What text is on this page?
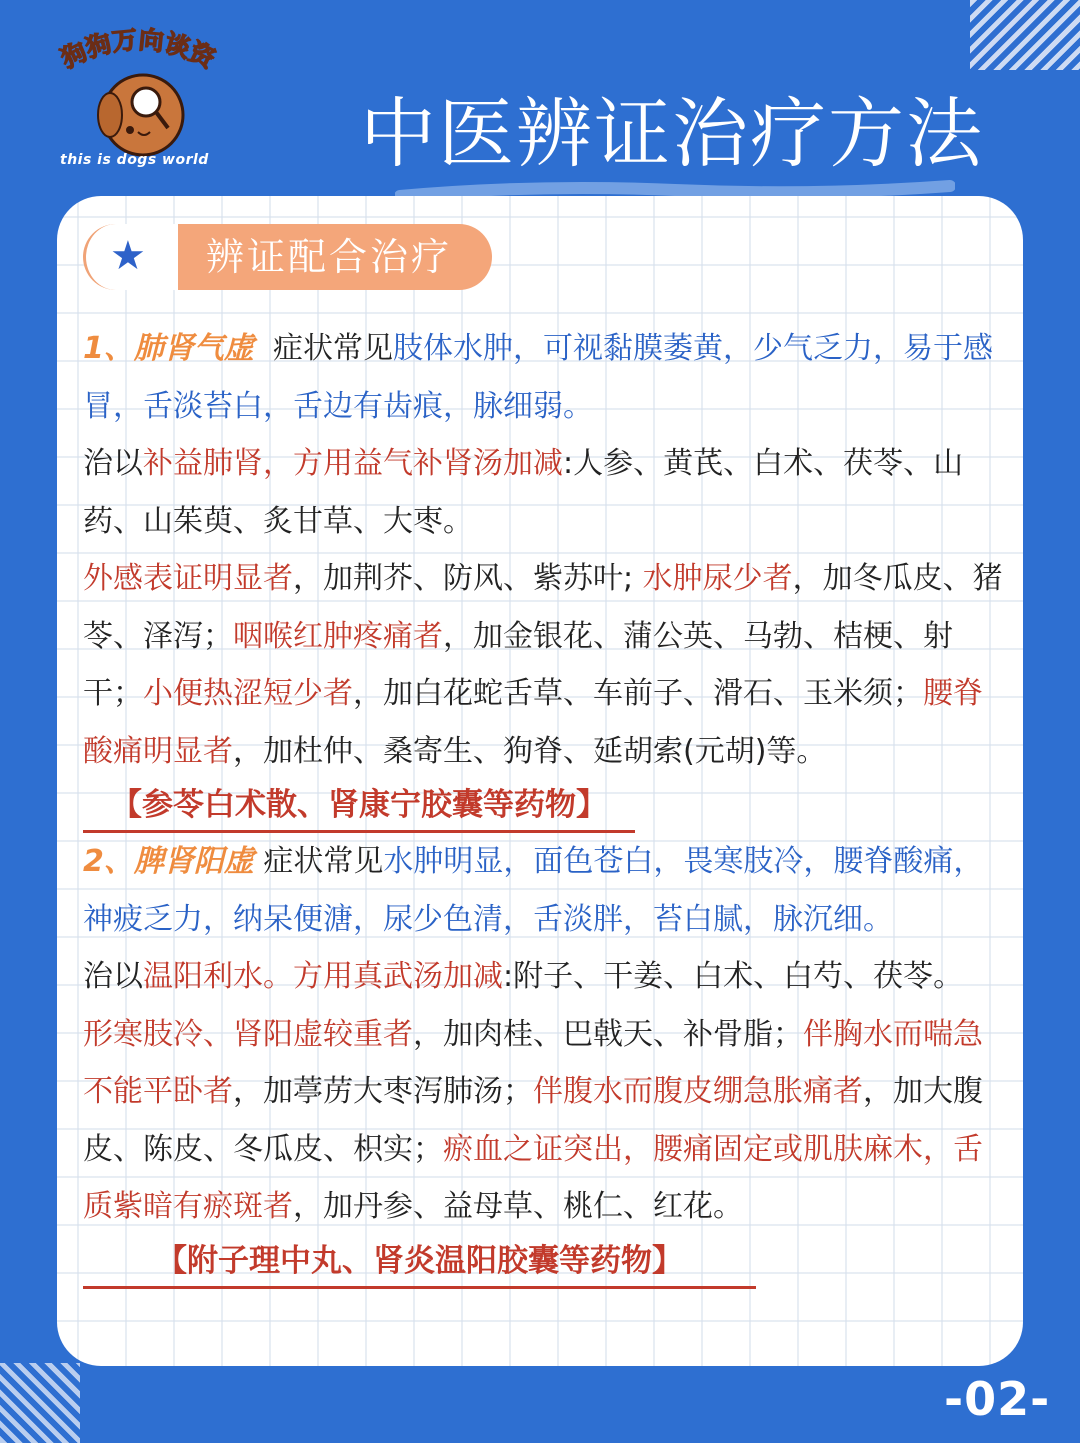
狗狗万向谈资
this is dogs world 中医辨证治疗方法
★	辨证配合治疗

1、肺肾气虚 症状常见肢体水肿，可视黏膜萎黄，少气乏力，易于感冒，舌淡苔白，舌边有齿痕，脉细弱。

治以补益肺肾，方用益气补肾汤加减:人参、黄芪、白术、茯苓、山药、山茱萸、炙甘草、大枣。

外感表证明显者，加荆芥、防风、紫苏叶; 水肿尿少者，加冬瓜皮、猪苓、泽泻；咽喉红肿疼痛者，加金银花、蒲公英、马勃、桔梗、射干；小便热涩短少者，加白花蛇舌草、车前子、滑石、玉米须；腰脊酸痛明显者，加杜仲、桑寄生、狗脊、延胡索(元胡)等。

【参苓白术散、肾康宁胶囊等药物】

2、脾肾阳虚 症状常见水肿明显，面色苍白，畏寒肢冷，腰脊酸痛，神疲乏力，纳呆便溏，尿少色清，舌淡胖，苔白腻，脉沉细。

治以温阳利水。方用真武汤加减:附子、干姜、白术、白芍、茯苓。

形寒肢冷、肾阳虚较重者，加肉桂、巴戟天、补骨脂；伴胸水而喘急不能平卧者，加葶苈大枣泻肺汤；伴腹水而腹皮绷急胀痛者，加大腹皮、陈皮、冬瓜皮、枳实；瘀血之证突出，腰痛固定或肌肤麻木，舌质紫暗有瘀斑者，加丹参、益母草、桃仁、红花。

【附子理中丸、肾炎温阳胶囊等药物】

-02-
